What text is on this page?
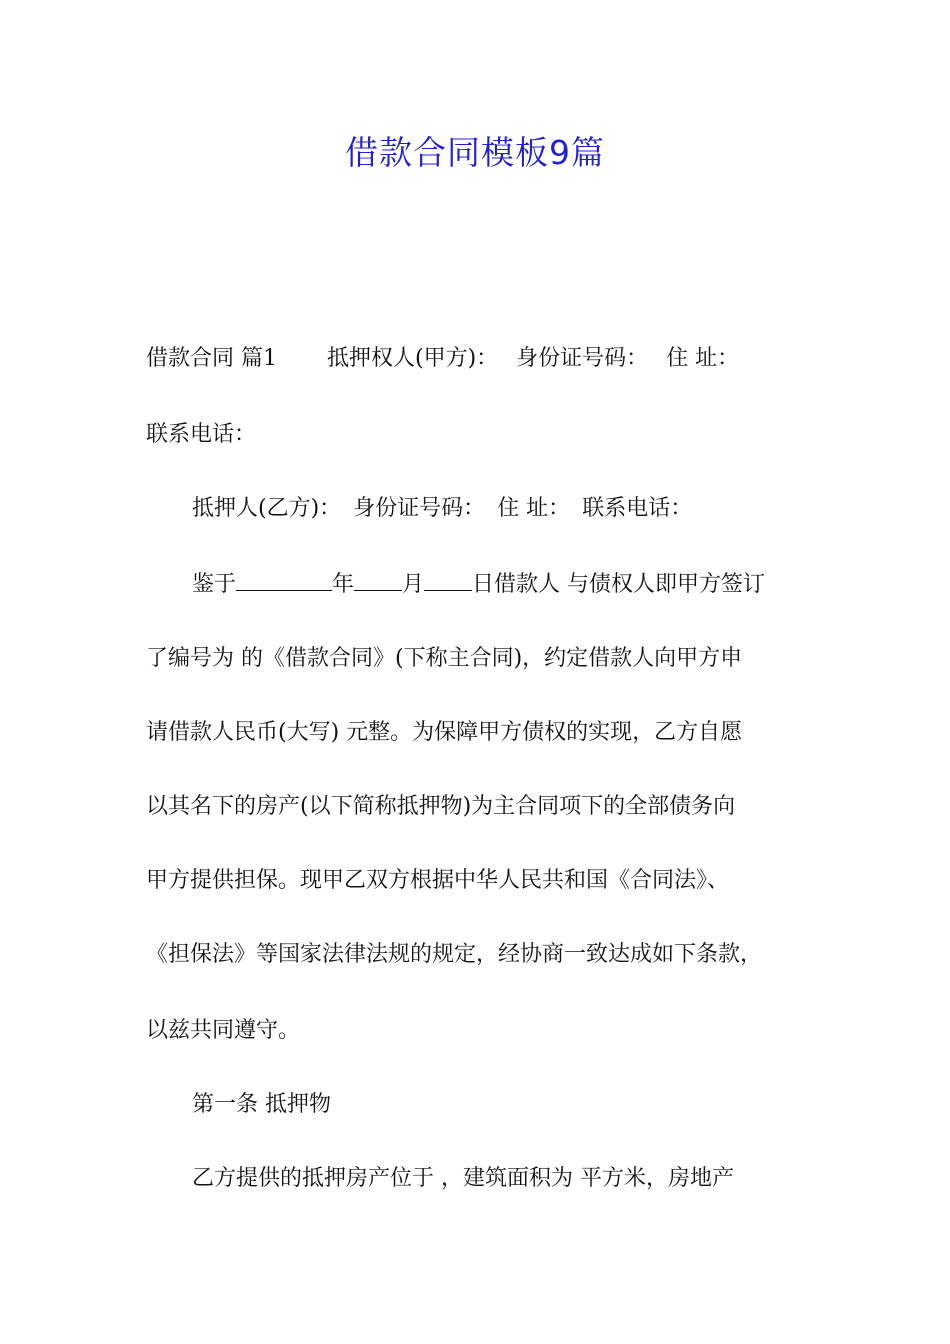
借款合同模板9篇
借款合同 篇1 抵押权人(甲方)： 身份证号码： 住 址：
联系电话：
抵押人(乙方)： 身份证号码： 住 址： 联系电话：
鉴于	年 月 日借款人 与债权人即甲方签订
了编号为 的《借款合同》(下称主合同)，约定借款人向甲方申
请借款人民币(大写) 元整。为保障甲方债权的实现，乙方自愿
以其名下的房产(以下简称抵押物)为主合同项下的全部债务向
甲方提供担保。现甲乙双方根据中华人民共和国《合同法》、
《担保法》等国家法律法规的规定，经协商一致达成如下条款，
以兹共同遵守。
第一条 抵押物
乙方提供的抵押房产位于 ，建筑面积为 平方米，房地产
